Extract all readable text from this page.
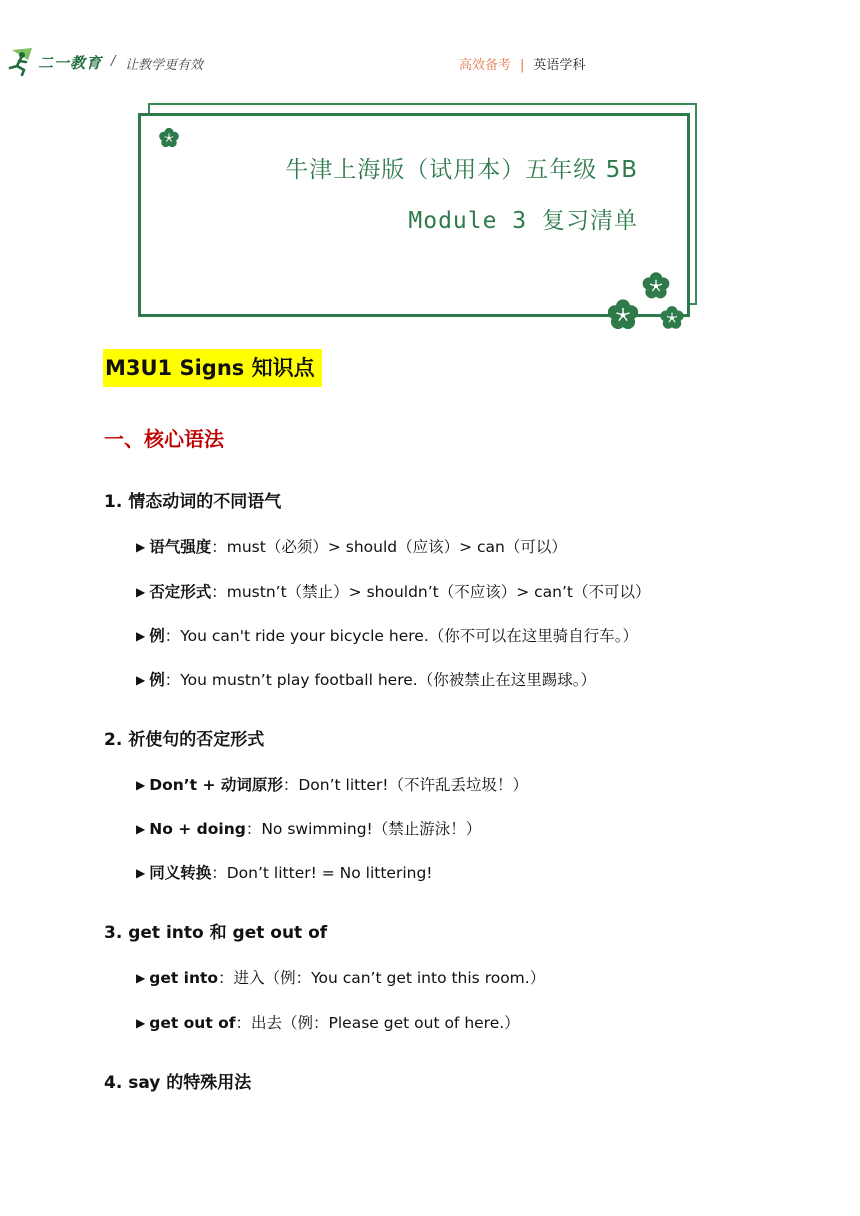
二一教育 / 让教学更有效	高效备考 | 英语学科
牛津上海版（试用本）五年级 5B
Module 3 复习清单
M3U1 Signs 知识点
一、核心语法
1. 情态动词的不同语气
▶ 语气强度：must（必须）> should（应该）> can（可以）
▶ 否定形式：mustn’t（禁止）> shouldn’t（不应该）> can’t（不可以）
▶ 例：You can't ride your bicycle here.（你不可以在这里骑自行车。）
▶ 例：You mustn’t play football here.（你被禁止在这里踢球。）
2. 祈使句的否定形式
▶ Don’t + 动词原形：Don’t litter!（不许乱丢垃圾！）
▶ No + doing：No swimming!（禁止游泳！）
▶ 同义转换：Don’t litter! = No littering!
3. get into 和 get out of
▶ get into：进入（例：You can’t get into this room.）
▶ get out of：出去（例：Please get out of here.）
4. say 的特殊用法
